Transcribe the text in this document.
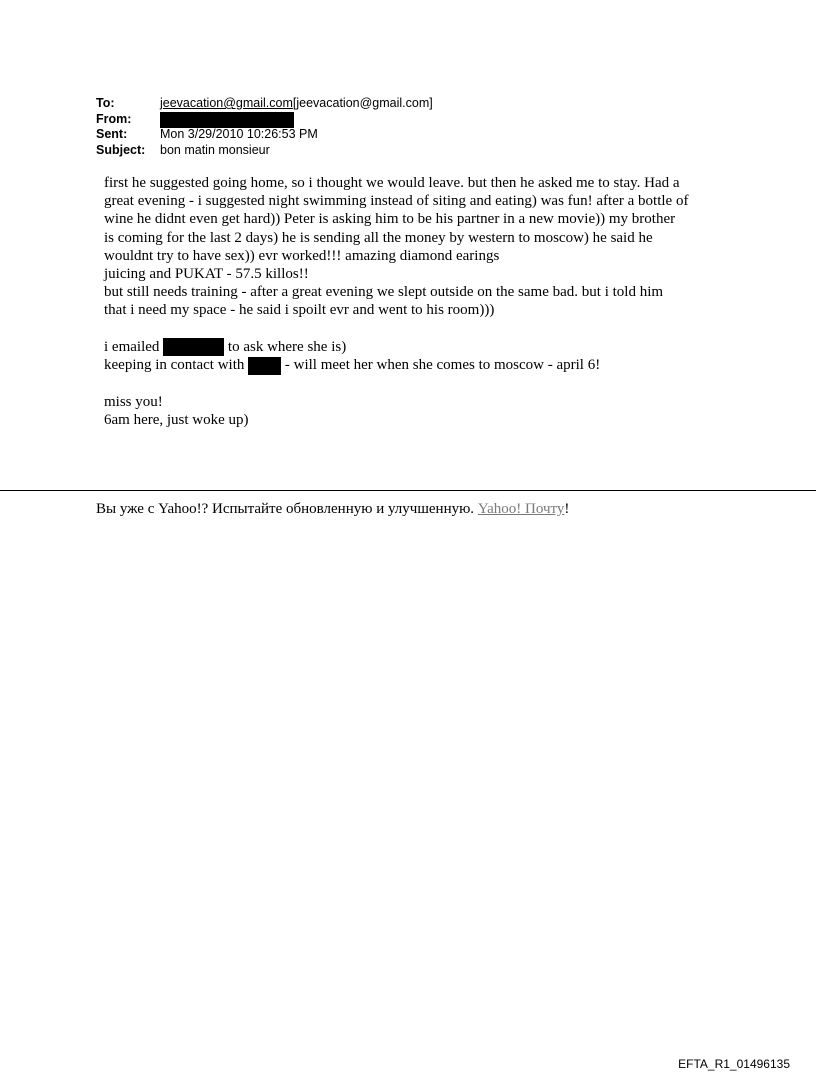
To:	jeevacation@gmail.com[jeevacation@gmail.com]
From:
Sent:	Mon 3/29/2010 10:26:53 PM
Subject:	bon matin monsieur
first he suggested going home, so i thought we would leave. but then he asked me to stay. Had a
great evening - i suggested night swimming instead of siting and eating) was fun! after a bottle of
wine he didnt even get hard)) Peter is asking him to be his partner in a new movie)) my brother
is coming for the last 2 days) he is sending all the money by western to moscow) he said he
wouldnt try to have sex)) evr worked!!! amazing diamond earings
juicing and PUKAT - 57.5 killos!!
but still needs training - after a great evening we slept outside on the same bad. but i told him
that i need my space - he said i spoilt evr and went to his room)))
i emailed	to ask where she is)
keeping in contact with	- will meet her when she comes to moscow - april 6!
miss you!
6am here, just woke up)
Вы уже с Yahoo!? Испытайте обновленную и улучшенную. Yahoo! Почту!
EFTA_R1_01496135
